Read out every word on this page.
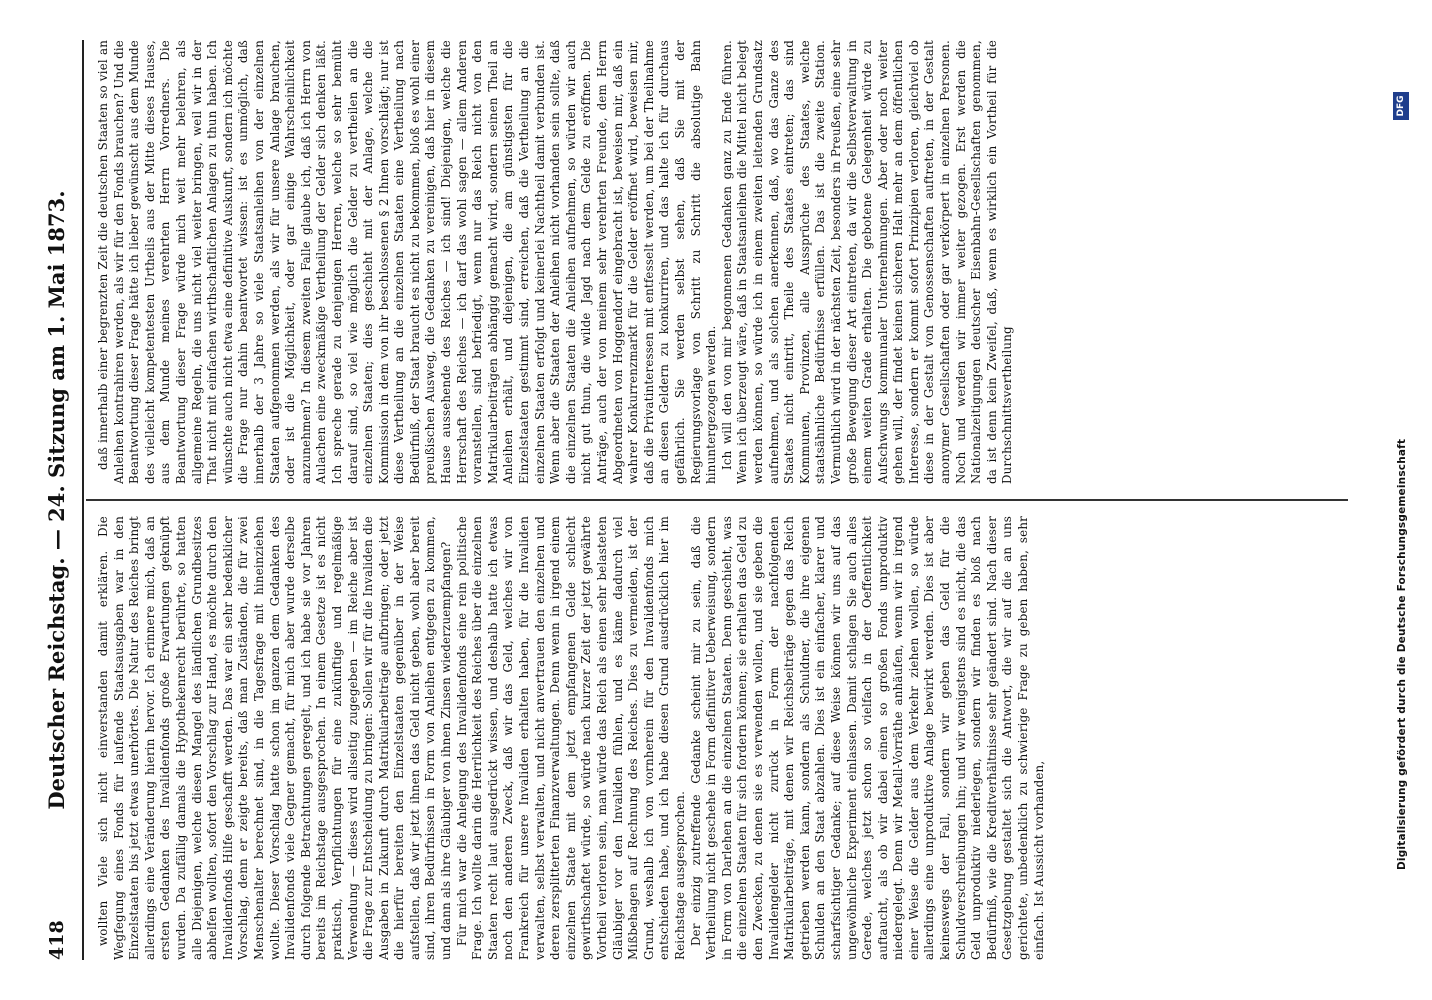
418
Deutscher Reichstag. — 24. Sitzung am 1. Mai 1873. wollten Viele sich nicht einverstanden damit erklären. Die Wegfegung eines Fonds für laufende Staatsausgaben war in den Einzelstaaten bis jetzt etwas unerhörtes. Die Natur des Reiches bringt allerdings eine Veränderung hierin hervor. Ich erinnere mich, daß an ersten Gedanken des Invalidenfonds große Erwartungen geknüpft wurden. Da zufällig damals die Hypothekenrecht berührte, so hatten alle Diejenigen, welche diesen Mangel des ländlichen Grundbesitzes abhelfen wollten, sofort den Vorschlag zur Hand, es möchte durch den Invalidenfonds Hilfe geschafft werden. Das war ein sehr bedenklicher Vorschlag, denn er zeigte bereits, daß man Zuständen, die für zwei Menschenalter berechnet sind, in die Tagesfrage mit hineinziehen wollte. Dieser Vorschlag hatte schon im ganzen dem Gedanken des Invalidenfonds viele Gegner gemacht, für mich aber wurde derselbe durch folgende Betrachtungen geregelt, und ich habe sie vor Jahren bereits im Reichstage ausgesprochen. In einem Gesetze ist es nicht praktisch, Verpflichtungen für eine zukünftige und regelmäßige Verwendung — dieses wird allseitig zugegeben — im Reiche aber ist die Frage zur Entscheidung zu bringen: Sollen wir für die Invaliden die Ausgaben in Zukunft durch Matrikularbeiträge aufbringen; oder jetzt die hierfür bereiten den Einzelstaaten gegenüber in der Weise aufstellen, daß wir jetzt ihnen das Geld nicht geben, wohl aber bereit sind, ihren Bedürfnissen in Form von Anleihen entgegen zu kommen, und dann als ihre Gläubiger von ihnen Zinsen wiederzuempfangen? Für mich war die Anlegung des Invalidenfonds eine rein politische Frage. Ich wollte darin die Herrlichkeit des Reiches über die einzelnen Staaten recht laut ausgedrückt wissen, und deshalb hatte ich etwas noch den anderen Zweck, daß wir das Geld, welches wir von Frankreich für unsere Invaliden erhalten haben, für die Invaliden verwalten, selbst verwalten, und nicht anvertrauen den einzelnen und deren zersplitterten Finanzverwaltungen. Denn wenn in irgend einem einzelnen Staate mit dem jetzt empfangenen Gelde schlecht gewirthschaftet würde, so würde nach kurzer Zeit der jetzt gewährte Vortheil verloren sein, man würde das Reich als einen sehr belasteten Gläubiger vor den Invaliden fühlen, und es käme dadurch viel Mißbehagen auf Rechnung des Reiches. Dies zu vermeiden, ist der Grund, weshalb ich von vornherein für den Invalidenfonds mich entschieden habe, und ich habe diesen Grund ausdrücklich hier im Reichstage ausgesprochen. Der einzig zutreffende Gedanke scheint mir zu sein, daß die Vertheilung nicht geschehe in Form definitiver Ueberweisung, sondern in Form von Darlehen an die einzelnen Staaten. Denn geschieht, was die einzelnen Staaten für sich fordern können; sie erhalten das Geld zu den Zwecken, zu denen sie es verwenden wollen, und sie geben die Invalidengelder nicht zurück in Form der nachfolgenden Matrikularbeiträge, mit denen wir Reichsbeiträge gegen das Reich getrieben werden kann, sondern als Schuldner, die ihre eigenen Schulden an den Staat abzahlen. Dies ist ein einfacher, klarer und scharfsichtiger Gedanke; auf diese Weise können wir uns auf das ungewöhnliche Experiment einlassen. Damit schlagen Sie auch alles Gerede, welches jetzt schon so vielfach in der Oeffentlichkeit auftaucht, als ob wir dabei einen so großen Fonds unproduktiv niedergelegt. Denn wir Metall-Vorräthe anhäufen, wenn wir in irgend einer Weise die Gelder aus dem Verkehr ziehen wollen, so würde allerdings eine unproduktive Anlage bewirkt werden. Dies ist aber keineswegs der Fall, sondern wir geben das Geld für die Schuldverschreibungen hin; und wir wenigstens sind es nicht, die das Geld unproduktiv niederlegen, sondern wir finden es bloß nach Bedürfniß, wie die Kreditverhältnisse sehr geändert sind. Nach dieser Gesetzgebung gestaltet sich die Antwort, die wir auf die an uns gerichtete, unbedenklich zu schwierige Frage zu geben haben, sehr einfach. Ist Aussicht vorhanden,

daß innerhalb einer begrenzten Zeit die deutschen Staaten so viel an Anleihen kontrahiren werden, als wir für den Fonds brauchen? Und die Beantwortung dieser Frage hätte ich lieber gewünscht aus dem Munde des vielleicht kompetentesten Urtheils aus der Mitte dieses Hauses, aus dem Munde meines verehrten Herrn Vorredners. Die Beantwortung dieser Frage würde mich weit mehr belehren, als allgemeine Regeln, die uns nicht viel weiter bringen, weil wir in der That nicht mit einfachen wirthschaftlichen Anlagen zu thun haben. Ich wünschte auch nicht etwa eine definitive Auskunft, sondern ich möchte die Frage nur dahin beantwortet wissen: ist es unmöglich, daß innerhalb der 3 Jahre so viele Staatsanleihen von der einzelnen Staaten aufgenommen werden, als wir für unsere Anlage brauchen, oder ist die Möglichkeit, oder gar einige Wahrscheinlichkeit anzunehmen? In diesem zweiten Falle glaube ich, daß ich Herrn von Aulachen eine zweckmäßige Vertheilung der Gelder sich denken läßt. Ich spreche gerade zu denjenigen Herren, welche so sehr bemüht darauf sind, so viel wie möglich die Gelder zu vertheilen an die einzelnen Staaten; dies geschieht mit der Anlage, welche die Kommission in dem von ihr beschlossenen § 2 Ihnen vorschlägt; nur ist diese Vertheilung an die einzelnen Staaten eine Vertheilung nach Bedürfniß, der Staat braucht es nicht zu bekommen, bloß es wohl einer preußischen Ausweg, die Gedanken zu vereinigen, daß hier in diesem Hause aussehende des Reiches — ich sind! Diejenigen, welche die Herrschaft des Reiches — ich darf das wohl sagen — allem Anderen voranstellen, sind befriedigt, wenn nur das Reich nicht von den Matrikularbeiträgen abhängig gemacht wird, sondern seinen Theil an Anleihen erhält, und diejenigen, die am günstigsten für die Einzelstaaten gestimmt sind, erreichen, daß die Vertheilung an die einzelnen Staaten erfolgt und keinerlei Nachtheil damit verbunden ist. Wenn aber die Staaten der Anleihen nicht vorhanden sein sollte, daß die einzelnen Staaten die Anleihen aufnehmen, so würden wir auch nicht gut thun, die wilde Jagd nach dem Gelde zu eröffnen. Die Anträge, auch der von meinem sehr verehrten Freunde, dem Herrn Abgeordneten von Hoggendorf eingebracht ist, beweisen mir, daß ein wahrer Konkurrenzmarkt für die Gelder eröffnet wird, beweisen mir, daß die Privatinteressen mit entfesselt werden, um bei der Theilnahme an diesen Geldern zu konkurriren, und das halte ich für durchaus gefährlich. Sie werden selbst sehen, daß Sie mit der Regierungsvorlage von Schritt zu Schritt die absolutige Bahn hinuntergezogen werden. Ich will den von mir begonnenen Gedanken ganz zu Ende führen. Wenn ich überzeugt wäre, daß in Staatsanleihen die Mittel nicht belegt werden können, so würde ich in einem zweiten leitenden Grundsatz aufnehmen, und als solchen anerkennen, daß, wo das Ganze des Staates nicht eintritt, Theile des Staates eintreten; das sind Kommunen, Provinzen, alle Aussprüche des Staates, welche staatsähnliche Bedürfnisse erfüllen. Das ist die zweite Station. Vermuthlich wird in der nächsten Zeit, besonders in Preußen, eine sehr große Bewegung dieser Art eintreten, da wir die Selbstverwaltung in einem weiten Grade erhalten. Die gebotene Gelegenheit würde zu Aufschwungs kommunaler Unternehmungen. Aber oder noch weiter gehen will, der findet keinen sicheren Halt mehr an dem öffentlichen Interesse, sondern er kommt sofort Prinzipien verloren, gleichviel ob diese in der Gestalt von Genossenschaften auftreten, in der Gestalt anonymer Gesellschaften oder gar verkörpert in einzelnen Personen. Noch und werden wir immer weiter gezogen. Erst werden die Nationalzeitigungen deutscher Eisenbahn-Gesellschaften genommen, da ist denn kein Zweifel, daß, wenn es wirklich ein Vortheil für die Durchschnittsvertheilung

Digitalisierung gefördert durch die Deutsche Forschungsgemeinschaft
DFG
